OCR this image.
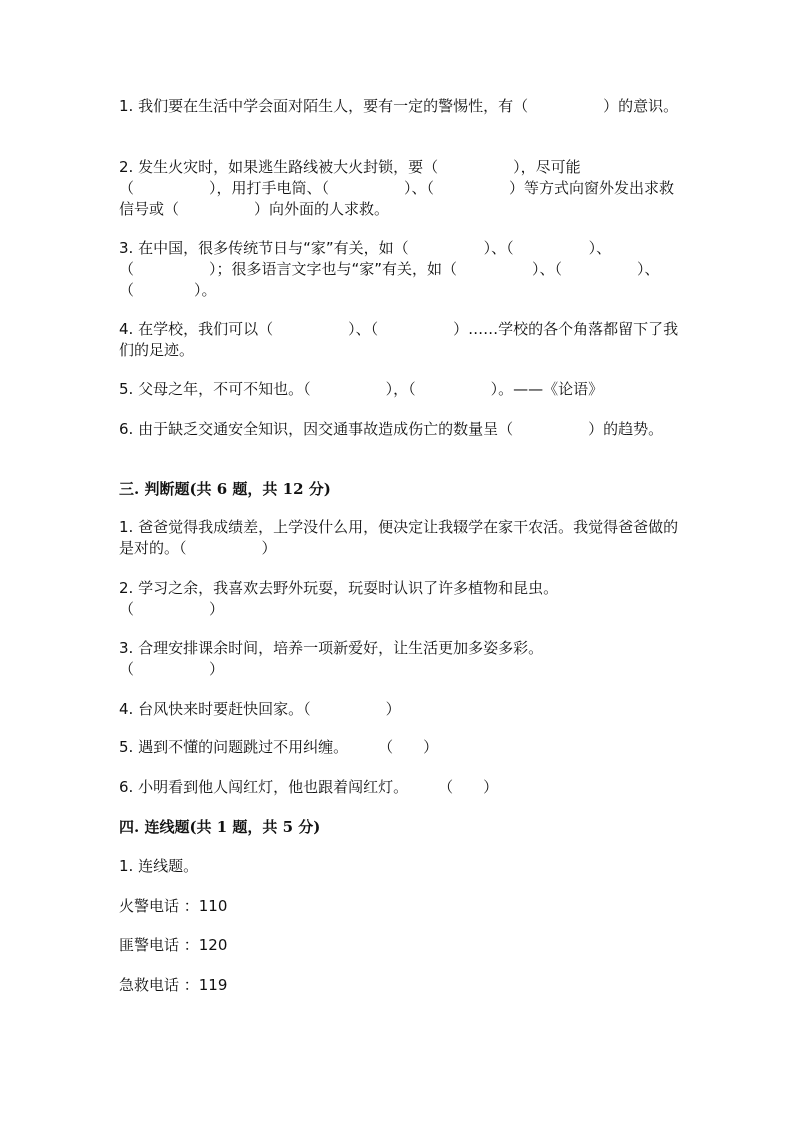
1. 我们要在生活中学会面对陌生人，要有一定的警惕性，有（　　　　　）的意识。

2. 发生火灾时，如果逃生路线被大火封锁，要（　　　　　），尽可能（　　　　　），用打手电筒、（　　　　　）、（　　　　　）等方式向窗外发出求救信号或（　　　　　）向外面的人求救。

3. 在中国，很多传统节日与“家”有关，如（　　　　　）、（　　　　　）、（　　　　　）；很多语言文字也与“家”有关，如（　　　　　）、（　　　　　）、（　　　　）。

4. 在学校，我们可以（　　　　　）、（　　　　　）……学校的各个角落都留下了我们的足迹。

5. 父母之年，不可不知也。（　　　　　），（　　　　　）。——《论语》

6. 由于缺乏交通安全知识，因交通事故造成伤亡的数量呈（　　　　　）的趋势。

三. 判断题(共 6 题，共 12 分)

1. 爸爸觉得我成绩差，上学没什么用，便决定让我辍学在家干农活。我觉得爸爸做的是对的。（　　　　　）

2. 学习之余，我喜欢去野外玩耍，玩耍时认识了许多植物和昆虫。
（　　　　　）

3. 合理安排课余时间，培养一项新爱好，让生活更加多姿多彩。
（　　　　　）

4. 台风快来时要赶快回家。（　　　　　）

5. 遇到不懂的问题跳过不用纠缠。　　　（　　）

6. 小明看到他人闯红灯，他也跟着闯红灯。　　　（　　）

四. 连线题(共 1 题，共 5 分)

1. 连线题。

火警电话 ：110

匪警电话 ：120

急救电话 ：119
